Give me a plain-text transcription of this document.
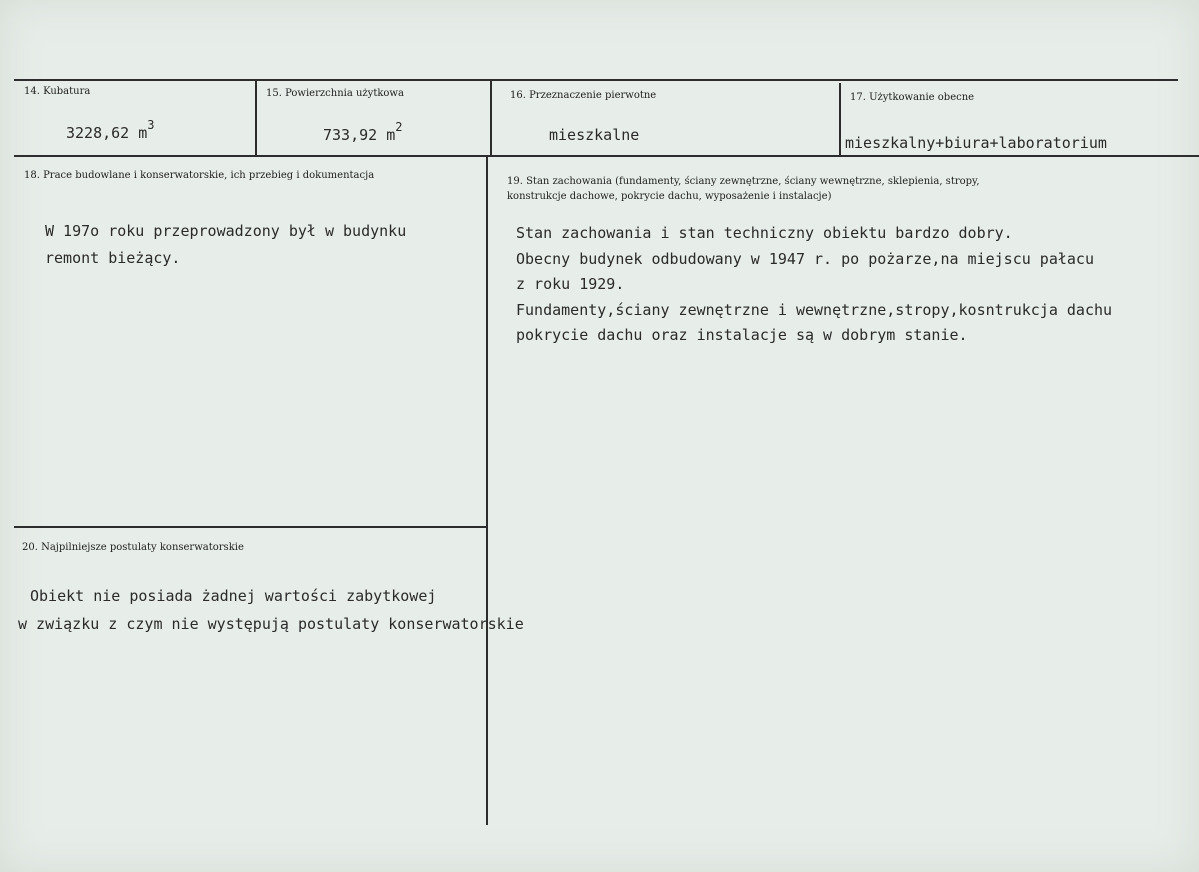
14. Kubatura
3228,62 $m^3$
15. Powierzchnia użytkowa
733,92 $m^2$
16. Przeznaczenie pierwotne
mieszkalne
17. Użytkowanie obecne
mieszkalny+biura+laboratorium
18. Prace budowlane i konserwatorskie, ich przebieg i dokumentacja

W 197o roku przeprowadzony był w budynku

remont bieżący.

19. Stan zachowania (fundamenty, ściany zewnętrzne, ściany wewnętrzne, sklepienia, stropy,
konstrukcje dachowe, pokrycie dachu, wyposażenie i instalacje)

Stan zachowania i stan techniczny obiektu bardzo dobry.

Obecny budynek odbudowany w 1947 r. po pożarze,na miejscu pałacu

z roku 1929.

Fundamenty,ściany zewnętrzne i wewnętrzne,stropy,kosntrukcja dachu

pokrycie dachu oraz instalacje są w dobrym stanie.

20. Najpilniejsze postulaty konserwatorskie

Obiekt nie posiada żadnej wartości zabytkowej

w związku z czym nie występują postulaty konserwatorskie
